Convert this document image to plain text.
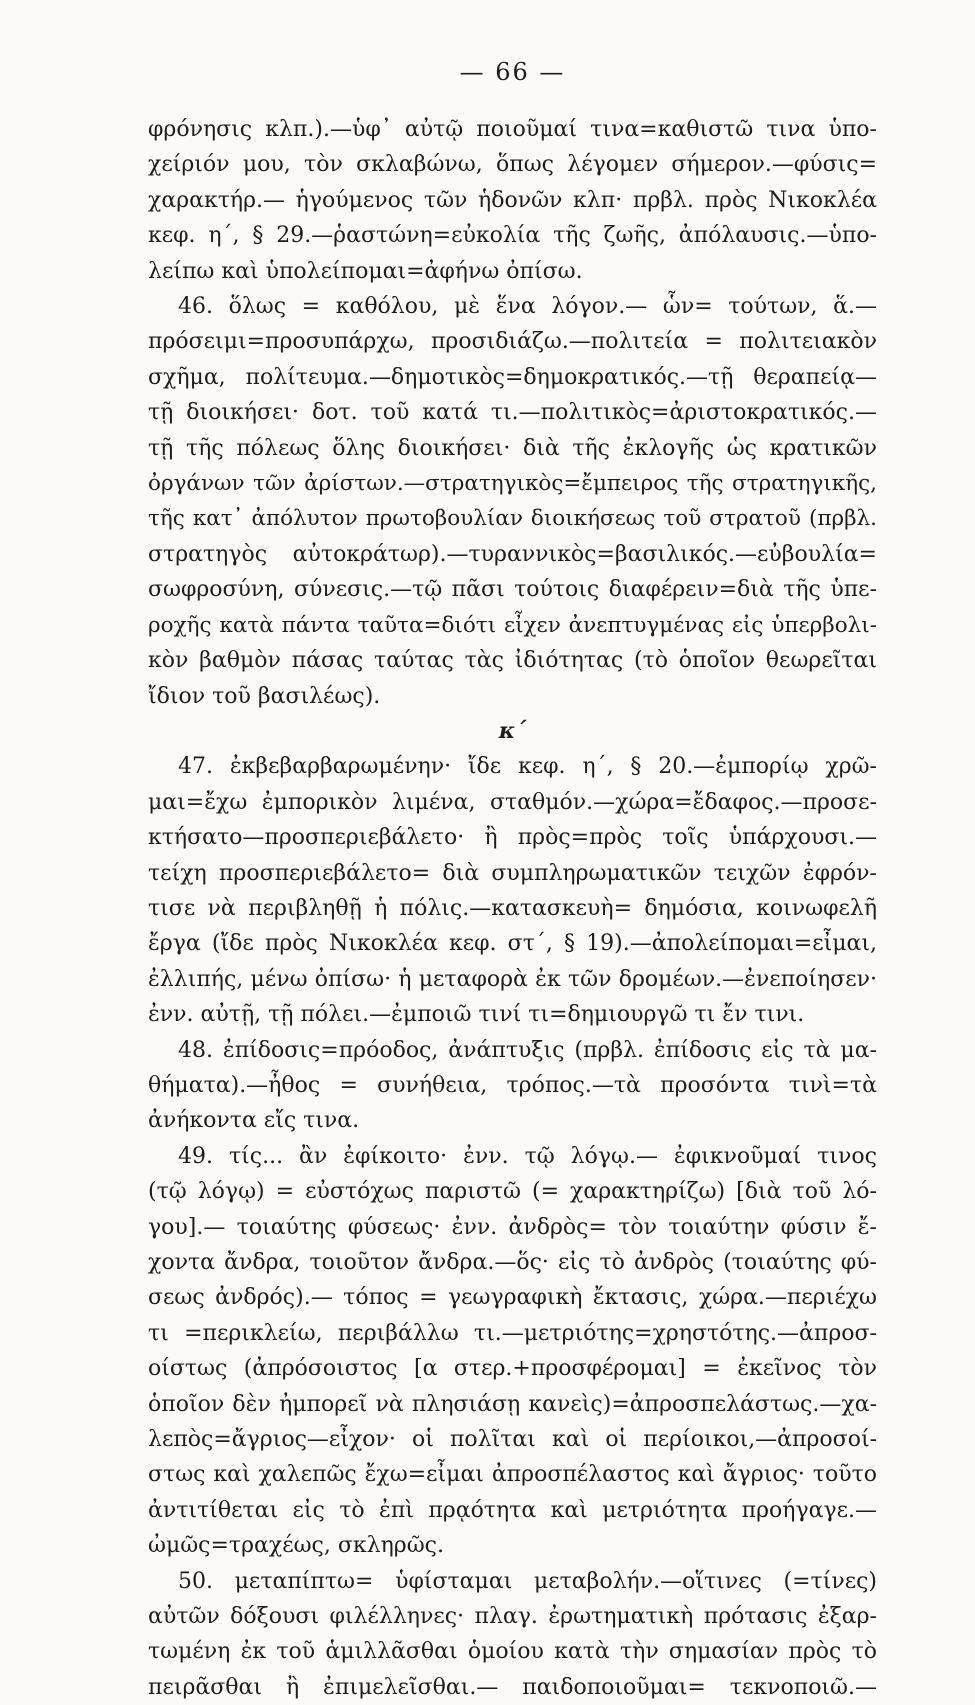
— 66 —
φρόνησις κλπ.).—ὑφ᾽ αὐτῷ ποιοῦμαί τινα=καθιστῶ τινα ὑπο-
χείριόν μου, τὸν σκλαβώνω, ὅπως λέγομεν σήμερον.—φύσις=
χαρακτήρ.— ἡγούμενος τῶν ἡδονῶν κλπ· πρβλ. πρὸς Νικοκλέα
κεφ. η΄, § 29.—ῥαστώνη=εὐκολία τῆς ζωῆς, ἀπόλαυσις.—ὑπο-
λείπω καὶ ὑπολείπομαι=ἀφήνω ὀπίσω.
46. ὅλως = καθόλου, μὲ ἕνα λόγον.— ὧν= τούτων, ἅ.—
πρόσειμι=προσυπάρχω, προσιδιάζω.—πολιτεία = πολιτειακὸν
σχῆμα, πολίτευμα.—δημοτικὸς=δημοκρατικός.—τῇ θεραπείᾳ—
τῇ διοικήσει· δοτ. τοῦ κατά τι.—πολιτικὸς=ἀριστοκρατικός.—
τῇ τῆς πόλεως ὅλης διοικήσει· διὰ τῆς ἐκλογῆς ὡς κρατικῶν
ὀργάνων τῶν ἀρίστων.—στρατηγικὸς=ἔμπειρος τῆς στρατηγικῆς,
τῆς κατ᾽ ἀπόλυτον πρωτοβουλίαν διοικήσεως τοῦ στρατοῦ (πρβλ.
στρατηγὸς αὐτοκράτωρ).—τυραννικὸς=βασιλικός.—εὐβουλία=
σωφροσύνη, σύνεσις.—τῷ πᾶσι τούτοις διαφέρειν=διὰ τῆς ὑπε-
ροχῆς κατὰ πάντα ταῦτα=διότι εἶχεν ἀνεπτυγμένας εἰς ὑπερβολι-
κὸν βαθμὸν πάσας ταύτας τὰς ἰδιότητας (τὸ ὁποῖον θεωρεῖται
ἴδιον τοῦ βασιλέως).
κ΄
47. ἐκβεβαρβαρωμένην· ἴδε κεφ. η΄, § 20.—ἐμπορίῳ χρῶ-
μαι=ἔχω ἐμπορικὸν λιμένα, σταθμόν.—χώρα=ἔδαφος.—προσε-
κτήσατο—προσπεριεβάλετο· ἢ πρὸς=πρὸς τοῖς ὑπάρχουσι.—
τείχη προσπεριεβάλετο= διὰ συμπληρωματικῶν τειχῶν ἐφρόν-
τισε νὰ περιβληθῇ ἡ πόλις.—κατασκευὴ= δημόσια, κοινωφελῆ
ἔργα (ἴδε πρὸς Νικοκλέα κεφ. στ΄, § 19).—ἀπολείπομαι=εἶμαι,
ἐλλιπής, μένω ὀπίσω· ἡ μεταφορὰ ἐκ τῶν δρομέων.—ἐνεποίησεν·
ἐνν. αὐτῇ, τῇ πόλει.—ἐμποιῶ τινί τι=δημιουργῶ τι ἔν τινι.
48. ἐπίδοσις=πρόοδος, ἀνάπτυξις (πρβλ. ἐπίδοσις εἰς τὰ μα-
θήματα).—ἦθος = συνήθεια, τρόπος.—τὰ προσόντα τινὶ=τὰ
ἀνήκοντα εἴς τινα.
49. τίς... ἂν ἐφίκοιτο· ἐνν. τῷ λόγῳ.— ἐφικνοῦμαί τινος
(τῷ λόγῳ) = εὐστόχως παριστῶ (= χαρακτηρίζω) [διὰ τοῦ λό-
γου].— τοιαύτης φύσεως· ἐνν. ἀνδρὸς= τὸν τοιαύτην φύσιν ἔ-
χοντα ἄνδρα, τοιοῦτον ἄνδρα.—ὅς· εἰς τὸ ἀνδρὸς (τοιαύτης φύ-
σεως ἀνδρός).— τόπος = γεωγραφικὴ ἔκτασις, χώρα.—περιέχω
τι =περικλείω, περιβάλλω τι.—μετριότης=χρηστότης.—ἀπροσ-
οίστως (ἀπρόσοιστος [α στερ.+προσφέρομαι] = ἐκεῖνος τὸν
ὁποῖον δὲν ἠμπορεῖ νὰ πλησιάσῃ κανεὶς)=ἀπροσπελάστως.—χα-
λεπὸς=ἄγριος—εἶχον· οἱ πολῖται καὶ οἱ περίοικοι,—ἀπροσοί-
στως καὶ χαλεπῶς ἔχω=εἶμαι ἀπροσπέλαστος καὶ ἄγριος· τοῦτο
ἀντιτίθεται εἰς τὸ ἐπὶ πρᾳότητα καὶ μετριότητα προήγαγε.—
ὠμῶς=τραχέως, σκληρῶς.
50. μεταπίπτω= ὑφίσταμαι μεταβολήν.—οἵτινες (=τίνες)
αὐτῶν δόξουσι φιλέλληνες· πλαγ. ἐρωτηματικὴ πρότασις ἐξαρ-
τωμένη ἐκ τοῦ ἁμιλλᾶσθαι ὁμοίου κατὰ τὴν σημασίαν πρὸς τὸ
πειρᾶσθαι ἢ ἐπιμελεῖσθαι.— παιδοποιοῦμαι= τεκνοποιῶ.—
